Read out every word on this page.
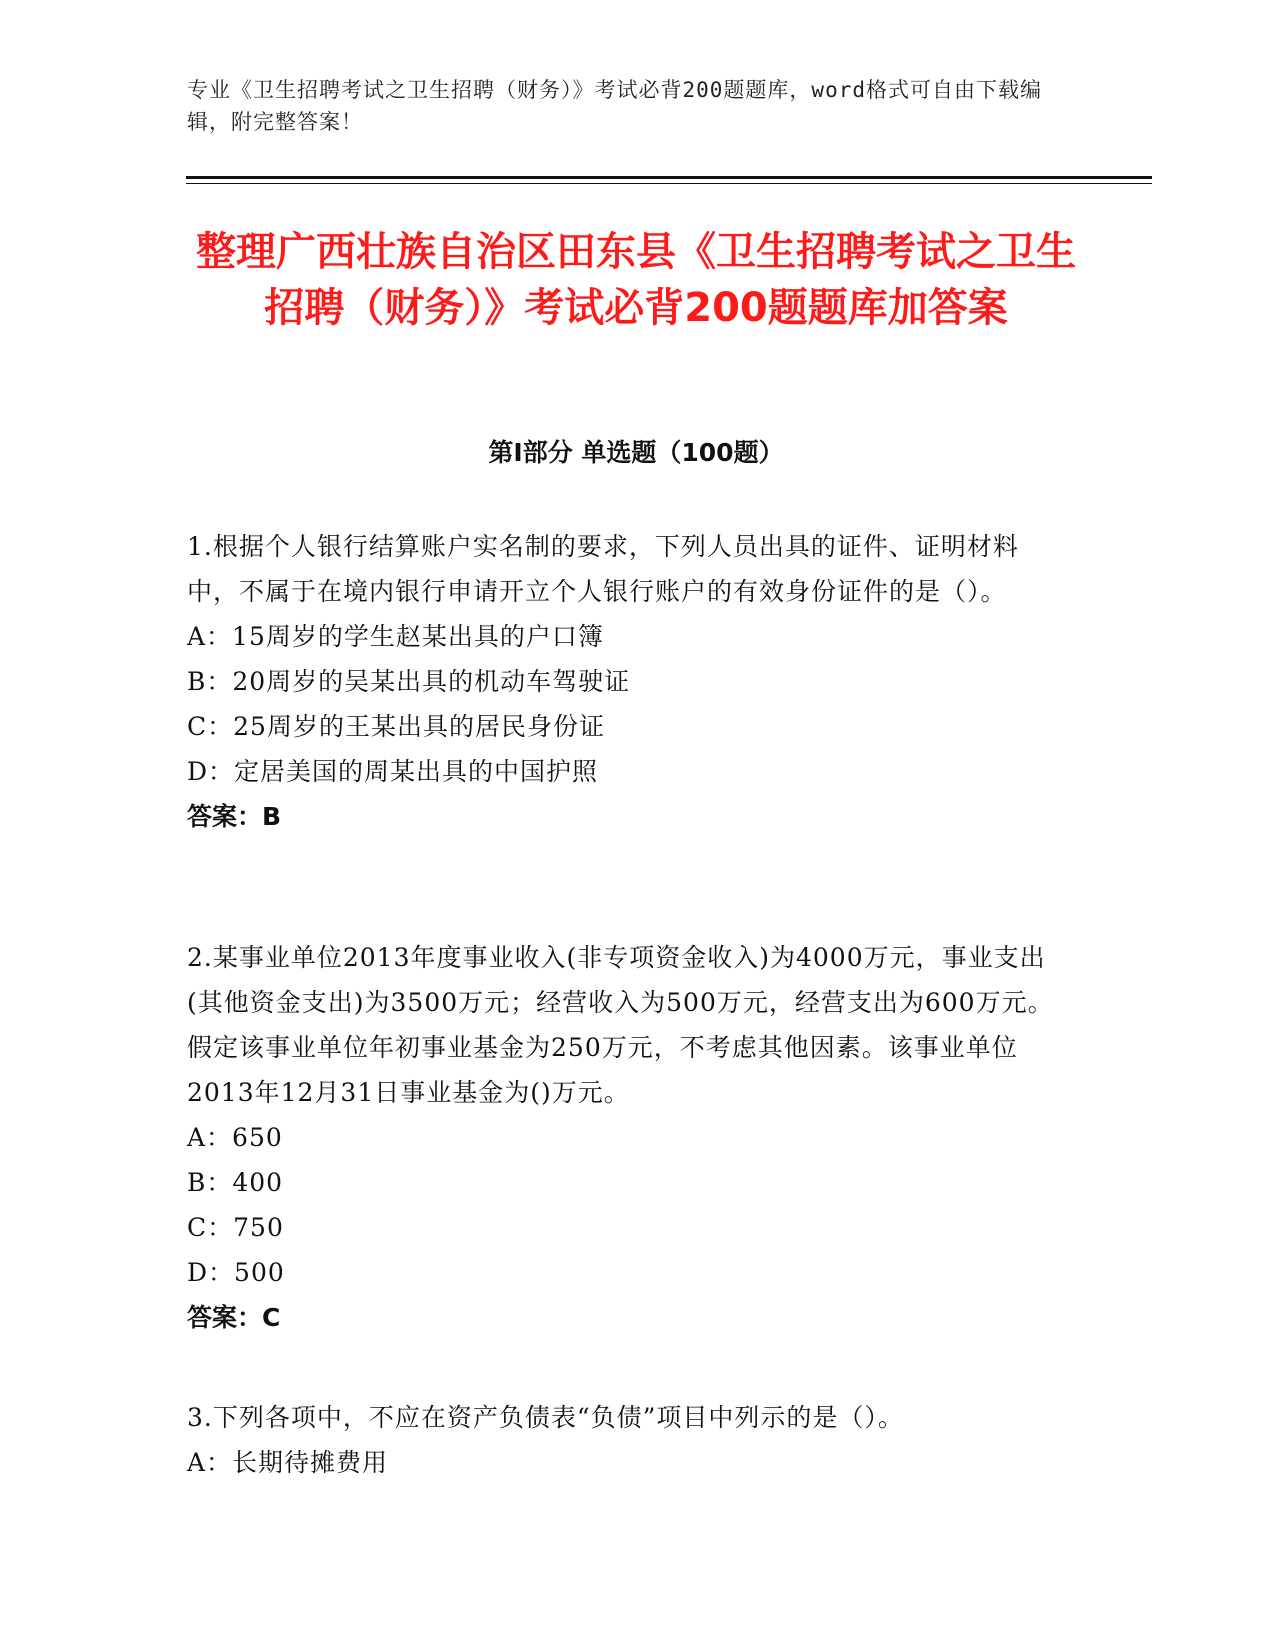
专业《卫生招聘考试之卫生招聘（财务）》考试必背200题题库，word格式可自由下载编辑，附完整答案！
整理广西壮族自治区田东县《卫生招聘考试之卫生招聘（财务）》考试必背200题题库加答案
第I部分 单选题（100题）

1.根据个人银行结算账户实名制的要求，下列人员出具的证件、证明材料中，不属于在境内银行申请开立个人银行账户的有效身份证件的是（）。

A：15周岁的学生赵某出具的户口簿
B：20周岁的吴某出具的机动车驾驶证
C：25周岁的王某出具的居民身份证
D：定居美国的周某出具的中国护照
答案：B

2.某事业单位2013年度事业收入(非专项资金收入)为4000万元，事业支出(其他资金支出)为3500万元；经营收入为500万元，经营支出为600万元。假定该事业单位年初事业基金为250万元，不考虑其他因素。该事业单位2013年12月31日事业基金为()万元。

A：650
B：400
C：750
D：500
答案：C

3.下列各项中，不应在资产负债表“负债”项目中列示的是（）。

A：长期待摊费用
